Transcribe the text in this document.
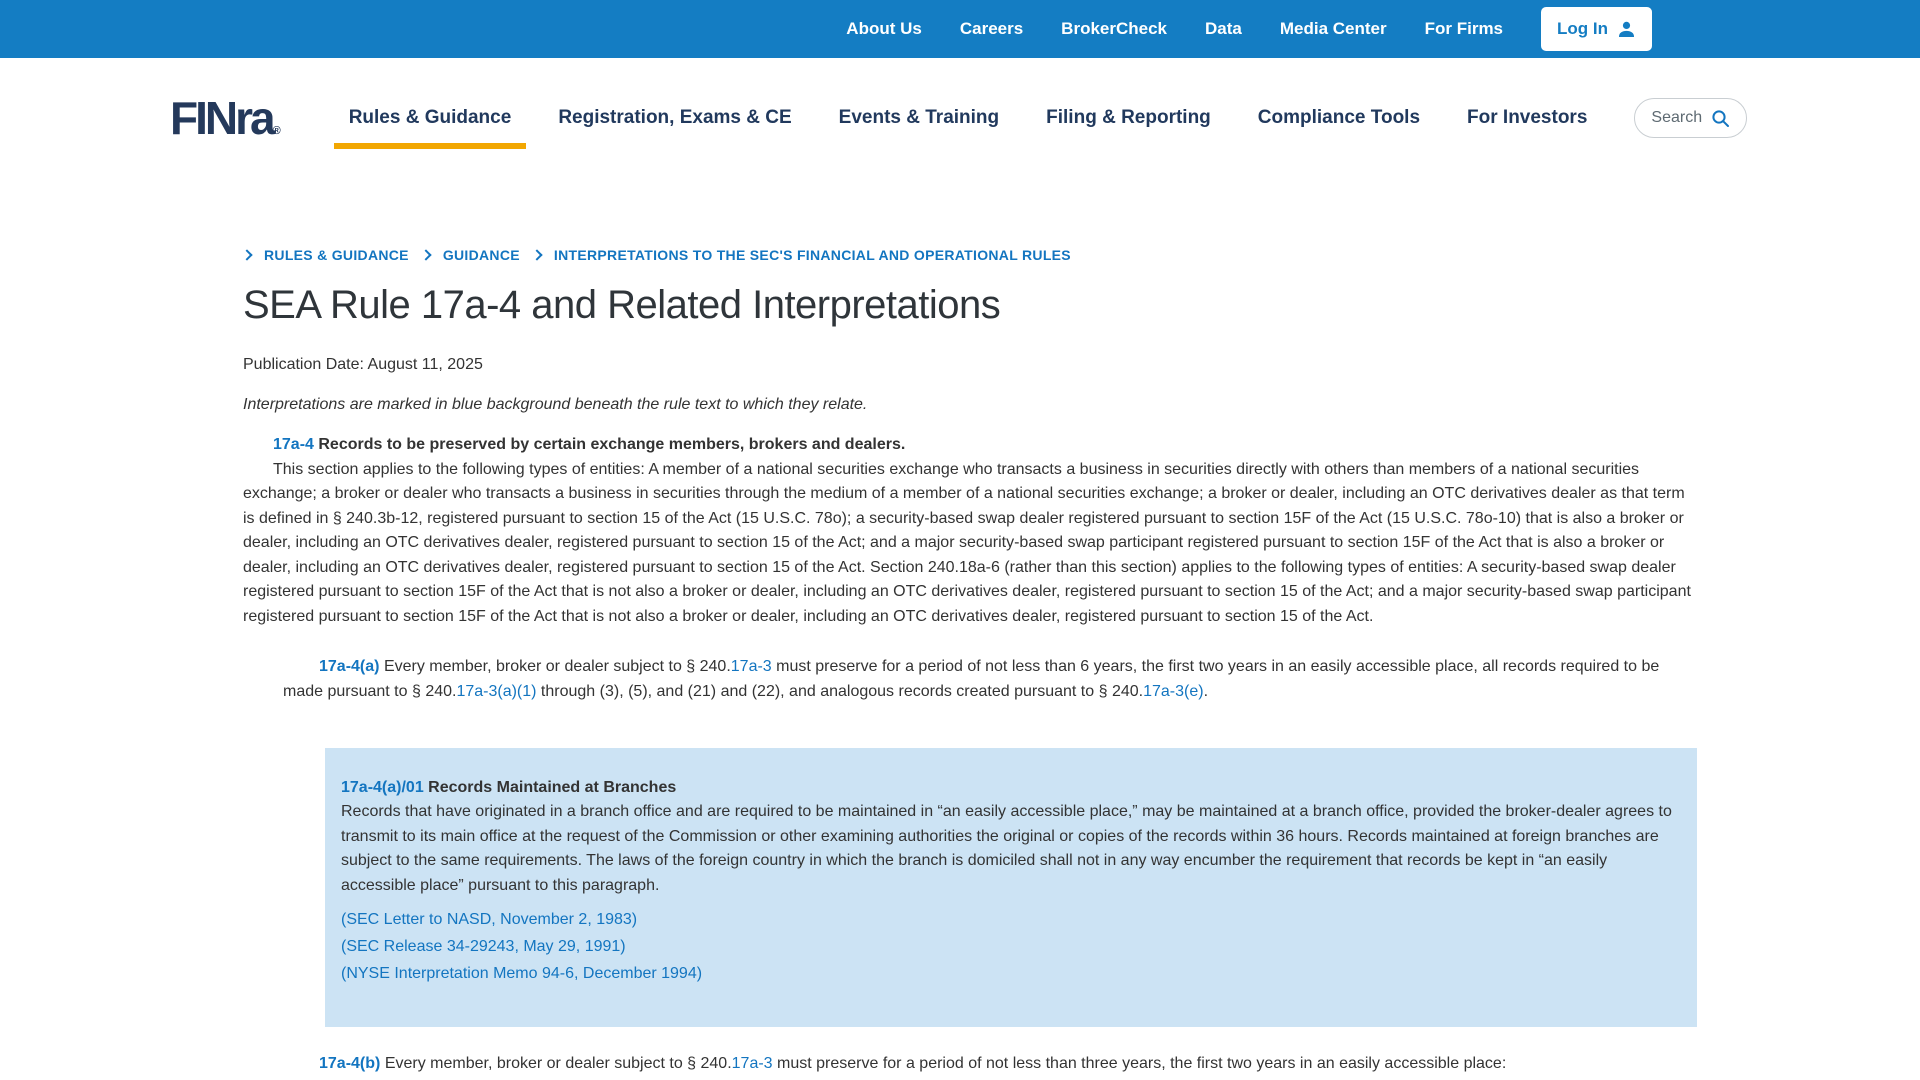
About Us Careers BrokerCheck Data Media Center For Firms	Log In
FINra®
Rules & Guidance Registration, Exams & CE Events & Training Filing & Reporting Compliance Tools For Investors	Search
RULES & GUIDANCE GUIDANCE INTERPRETATIONS TO THE SEC'S FINANCIAL AND OPERATIONAL RULES
SEA Rule 17a-4 and Related Interpretations

Publication Date: August 11, 2025

Interpretations are marked in blue background beneath the rule text to which they relate.

17a-4 Records to be preserved by certain exchange members, brokers and dealers.

This section applies to the following types of entities: A member of a national securities exchange who transacts a business in securities directly with others than members of a national securities exchange; a broker or dealer who transacts a business in securities through the medium of a member of a national securities exchange; a broker or dealer, including an OTC derivatives dealer as that term is defined in § 240.3b-12, registered pursuant to section 15 of the Act (15 U.S.C. 78o); a security-based swap dealer registered pursuant to section 15F of the Act (15 U.S.C. 78o-10) that is also a broker or dealer, including an OTC derivatives dealer, registered pursuant to section 15 of the Act; and a major security-based swap participant registered pursuant to section 15F of the Act that is also a broker or dealer, including an OTC derivatives dealer, registered pursuant to section 15 of the Act. Section 240.18a-6 (rather than this section) applies to the following types of entities: A security-based swap dealer registered pursuant to section 15F of the Act that is not also a broker or dealer, including an OTC derivatives dealer, registered pursuant to section 15 of the Act; and a major security-based swap participant registered pursuant to section 15F of the Act that is not also a broker or dealer, including an OTC derivatives dealer, registered pursuant to section 15 of the Act.

17a-4(a) Every member, broker or dealer subject to § 240.17a-3 must preserve for a period of not less than 6 years, the first two years in an easily accessible place, all records required to be made pursuant to § 240.17a-3(a)(1) through (3), (5), and (21) and (22), and analogous records created pursuant to § 240.17a-3(e).

17a-4(a)/01 Records Maintained at Branches

Records that have originated in a branch office and are required to be maintained in “an easily accessible place,” may be maintained at a branch office, provided the broker-dealer agrees to transmit to its main office at the request of the Commission or other examining authorities the original or copies of the records within 36 hours. Records maintained at foreign branches are subject to the same requirements. The laws of the foreign country in which the branch is domiciled shall not in any way encumber the requirement that records be kept in “an easily accessible place” pursuant to this paragraph.

(SEC Letter to NASD, November 2, 1983)
(SEC Release 34-29243, May 29, 1991)
(NYSE Interpretation Memo 94-6, December 1994)

17a-4(b) Every member, broker or dealer subject to § 240.17a-3 must preserve for a period of not less than three years, the first two years in an easily accessible place:
